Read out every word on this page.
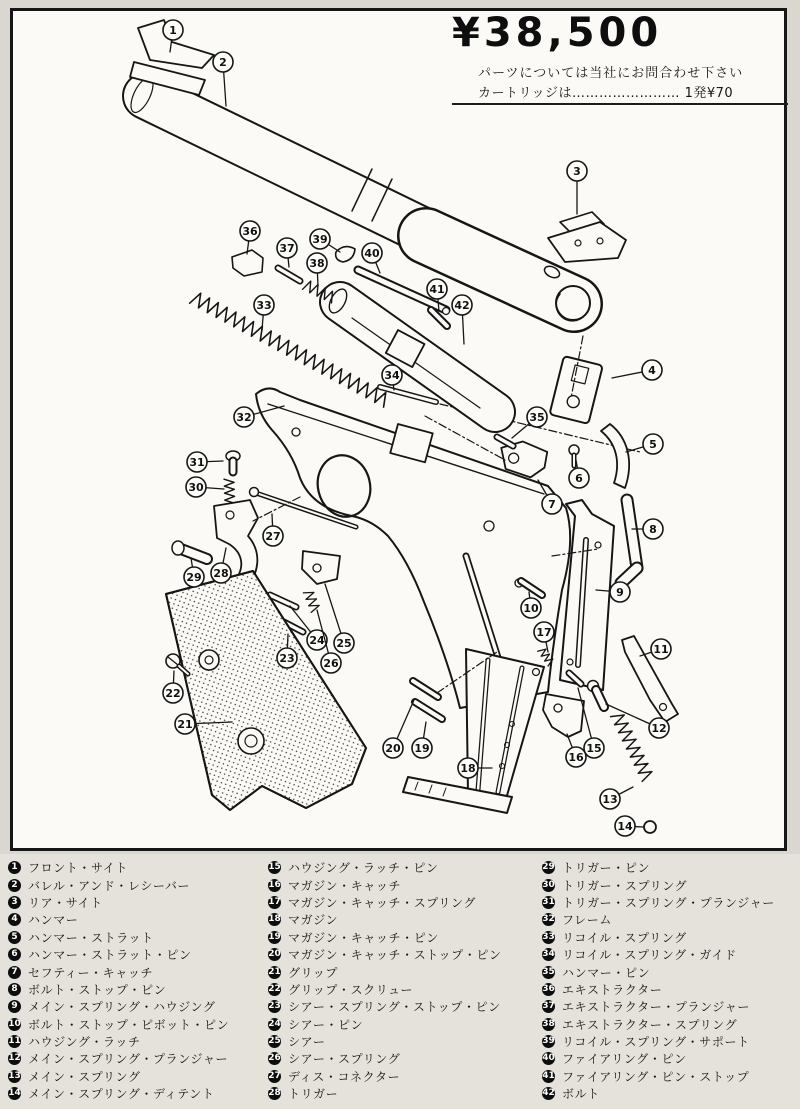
¥38,500
パーツについては当社にお問合わせ下さい
カートリッジは…………………… 1発¥70
1
2
3
4
5
6
7
8
9
10
11
12
13
14
15
16
17
18
19
20
21
22
23
24 25
26
27
28
29
30
31
32
33
34
35
36
37
38
39
40
41
42
1 フロント・サイト
2 バレル・アンド・レシーバー
3 リア・サイト
4 ハンマー
5 ハンマー・ストラット
6 ハンマー・ストラット・ピン
7 セフティー・キャッチ
8 ボルト・ストップ・ピン
9 メイン・スプリング・ハウジング
10 ボルト・ストップ・ピボット・ピン
11 ハウジング・ラッチ
12 メイン・スプリング・プランジャー
13 メイン・スプリング
14 メイン・スプリング・ディテント
15 ハウジング・ラッチ・ピン
16 マガジン・キャッチ
17 マガジン・キャッチ・スプリング
18 マガジン
19 マガジン・キャッチ・ピン
20 マガジン・キャッチ・ストップ・ピン
21 グリップ
22 グリップ・スクリュー
23 シアー・スプリング・ストップ・ピン
24 シアー・ピン
25 シアー
26 シアー・スプリング
27 ディス・コネクター
28 トリガー
29 トリガー・ピン
30 トリガー・スプリング
31 トリガー・スプリング・プランジャー
32 フレーム
33 リコイル・スプリング
34 リコイル・スプリング・ガイド
35 ハンマー・ピン
36 エキストラクター
37 エキストラクター・プランジャー
38 エキストラクター・スプリング
39 リコイル・スプリング・サポート
40 ファイアリング・ピン
41 ファイアリング・ピン・ストップ
42 ボルト
